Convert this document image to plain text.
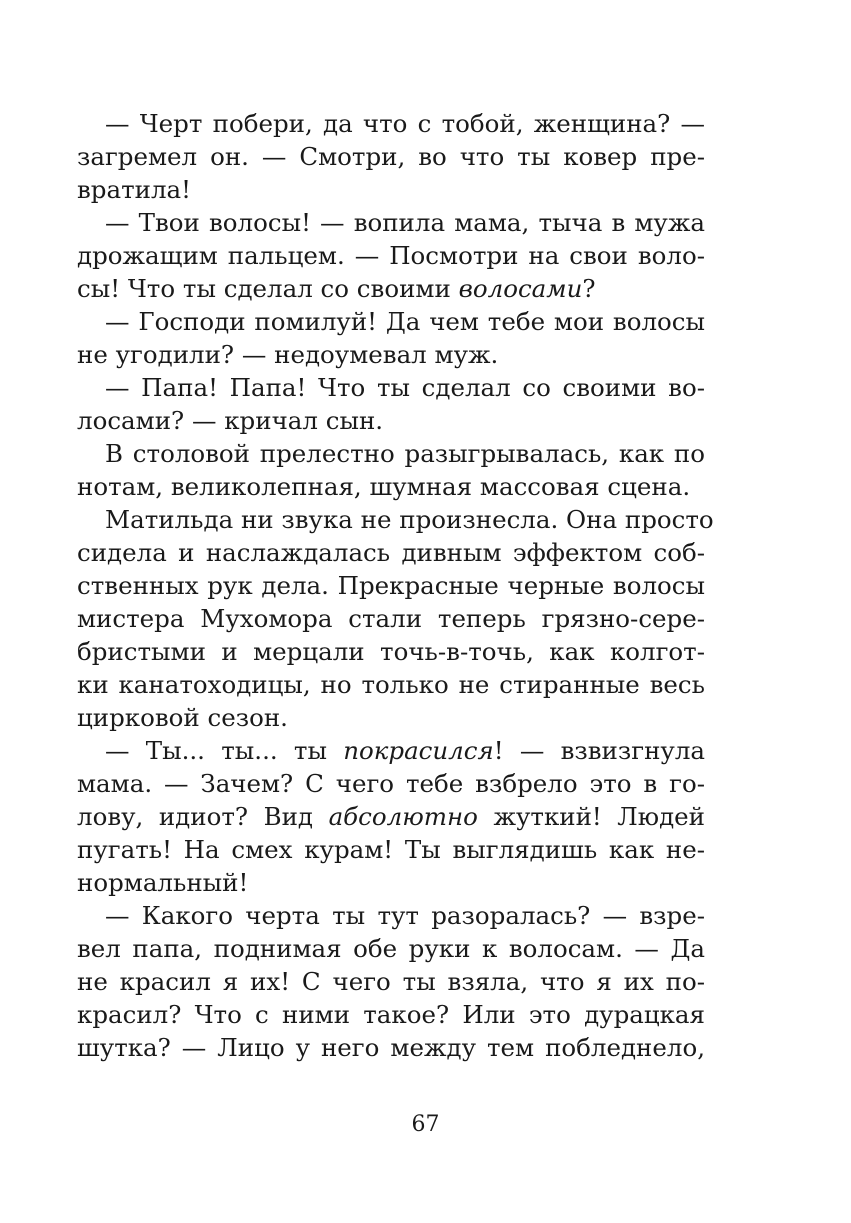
— Черт побери, да что с тобой, женщина? —
загремел он. — Смотри, во что ты ковер пре-
вратила!
— Твои волосы! — вопила мама, тыча в мужа
дрожащим пальцем. — Посмотри на свои воло-
сы! Что ты сделал со своими волосами?
— Господи помилуй! Да чем тебе мои волосы
не угодили? — недоумевал муж.
— Папа! Папа! Что ты сделал со своими во-
лосами? — кричал сын.
В столовой прелестно разыгрывалась, как по
нотам, великолепная, шумная массовая сцена.
Матильда ни звука не произнесла. Она просто
сидела и наслаждалась дивным эффектом соб-
ственных рук дела. Прекрасные черные волосы
мистера Мухомора стали теперь грязно-сере-
бристыми и мерцали точь-в-точь, как колгот-
ки канатоходицы, но только не стиранные весь
цирковой сезон.
— Ты... ты... ты покрасился! — взвизгнула
мама. — Зачем? С чего тебе взбрело это в го-
лову, идиот? Вид абсолютно жуткий! Людей
пугать! На смех курам! Ты выглядишь как не-
нормальный!
— Какого черта ты тут разоралась? — взре-
вел папа, поднимая обе руки к волосам. — Да
не красил я их! С чего ты взяла, что я их по-
красил? Что с ними такое? Или это дурацкая
шутка? — Лицо у него между тем побледнело,
67
